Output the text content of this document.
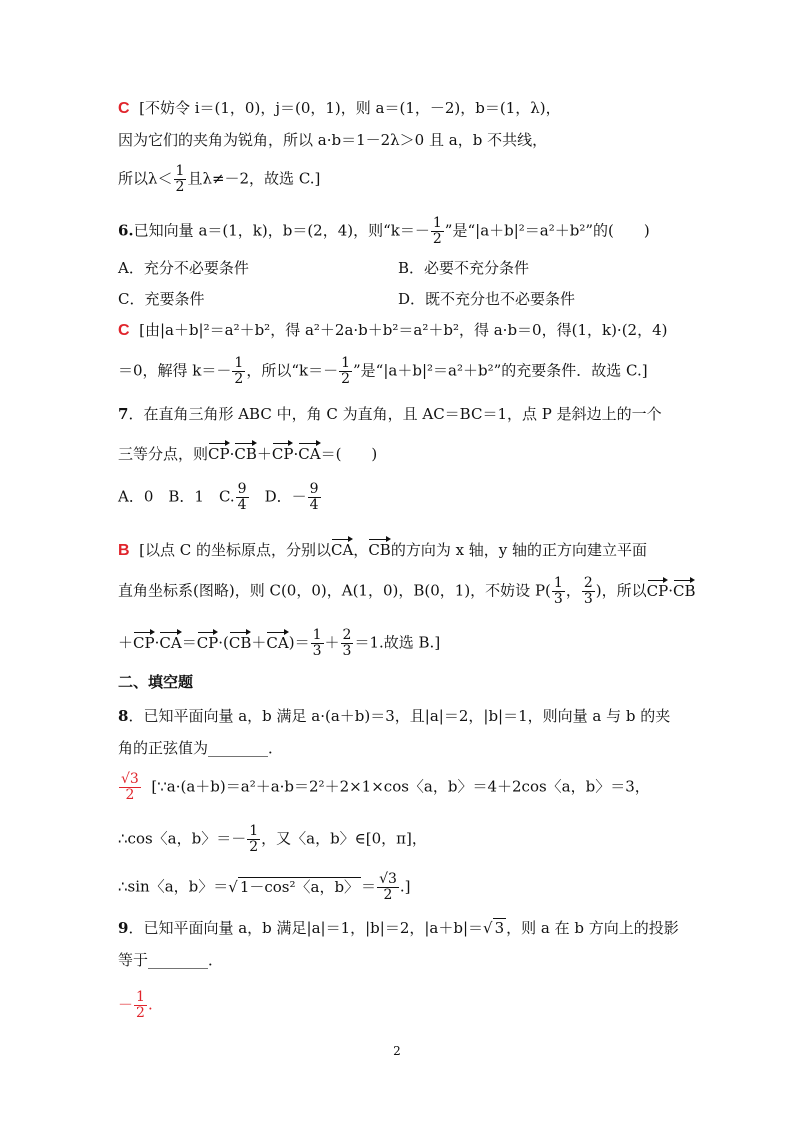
C [不妨令 i＝(1，0)，j＝(0，1)，则 a＝(1，－2)，b＝(1，λ)，
因为它们的夹角为锐角，所以 a·b＝1－2λ＞0 且 a，b 不共线，
所以$\lambda< \frac{1}{2}$ 且λ≠－2，故选 C.]
6.已知向量 a＝(1，k)，b＝(2，4)，则“$k=- \frac{1}{2}$ ”是“|a＋b|²＝a²＋b²”的(　　)
A．充分不必要条件	B．必要不充分条件
C．充要条件	D．既不充分也不必要条件
C [由|a＋b|²＝a²＋b²，得 a²＋2a·b＋b²＝a²＋b²，得 a·b＝0，得(1，k)·(2，4)
＝0，解得 $k=- \frac{1}{2}$ ，所以“$k=- \frac{1}{2}$ ”是“|a＋b|²＝a²＋b²”的充要条件．故选 C.]
7．在直角三角形 ABC 中，角 C 为直角，且 AC＝BC＝1，点 P 是斜边上的一个
三等分点，则CP·CB＋CP·CA＝(　　)
A．0　B．1　C. $\frac{9}{4}$ 　D．－ $\frac{9}{4}$
B [以点 C 的坐标原点，分别以CA，CB的方向为 x 轴，y 轴的正方向建立平面
直角坐标系(图略)，则 C(0，0)，A(1，0)，B(0，1)，不妨设 $P( \frac{1}{3}$ ， $\frac{2}{3}$ )，所以CP·CB
$+CP\cdot CA=CP\cdot(CB+CA)= \frac{1}{3} + \frac{2}{3} =1$.故选 B.]
二、填空题
8．已知平面向量 a，b 满足 a·(a＋b)＝3，且|a|＝2，|b|＝1，则向量 a 与 b 的夹
角的正弦值为________．
$\frac{√3}{2}$ [∵a·(a＋b)＝a²＋a·b＝2²＋2×1×cos〈a，b〉＝4＋2cos〈a，b〉＝3，
∴cos〈a，b〉＝－ $\frac{1}{2}$ ，又〈a，b〉∈[0，π]，
∴sin〈a，b〉＝√ 1－cos²〈a，b〉 ＝ $\frac{√3}{2}$ .]
9．已知平面向量 a，b 满足|a|＝1，|b|＝2，|a＋b|＝√ 3 ，则 a 在 b 方向上的投影
等于________．
－ $\frac{1}{2}$ .
2
